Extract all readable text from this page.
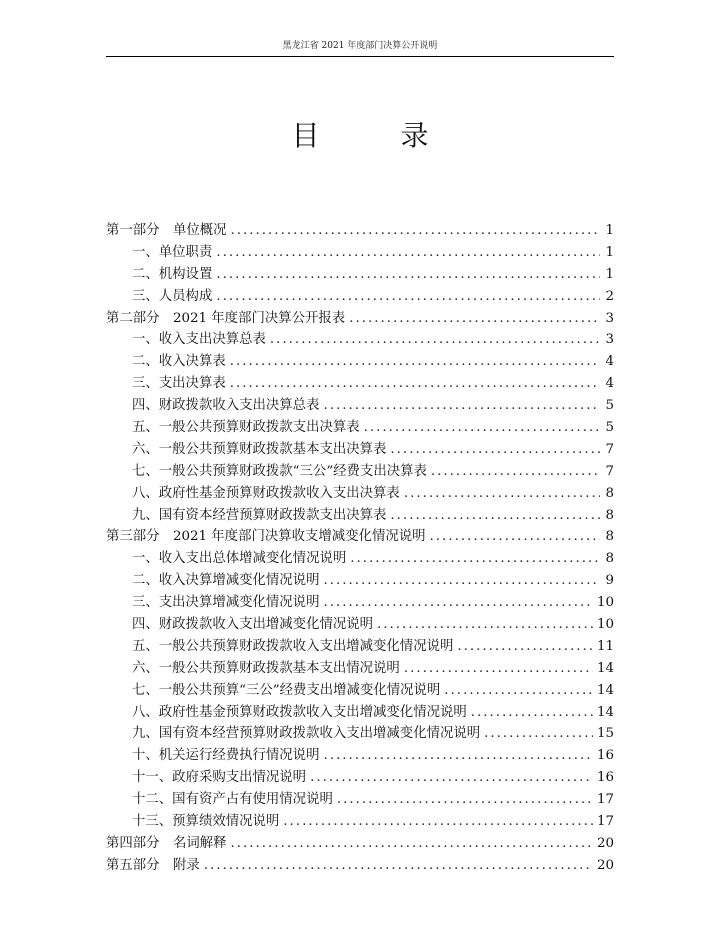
黑龙江省 2021 年度部门决算公开说明
目 录
第一部分　单位概况 .....	1
一、单位职责 .....	1
二、机构设置 .....	1
三、人员构成 .....	2
第二部分　2021 年度部门决算公开报表 .....	3
一、收入支出决算总表 .....	3
二、收入决算表 .....	4
三、支出决算表 .....	4
四、财政拨款收入支出决算总表 .....	5
五、一般公共预算财政拨款支出决算表 .....	5
六、一般公共预算财政拨款基本支出决算表 .....	7
七、一般公共预算财政拨款“三公”经费支出决算表 .....	7
八、政府性基金预算财政拨款收入支出决算表 .....	8
九、国有资本经营预算财政拨款支出决算表 .....	8
第三部分　2021 年度部门决算收支增减变化情况说明 .....	8
一、收入支出总体增减变化情况说明 .....	8
二、收入决算增减变化情况说明 .....	9
三、支出决算增减变化情况说明 .....	10
四、财政拨款收入支出增减变化情况说明 .....	10
五、一般公共预算财政拨款收入支出增减变化情况说明 .....	11
六、一般公共预算财政拨款基本支出情况说明 .....	14
七、一般公共预算“三公”经费支出增减变化情况说明 .....	14
八、政府性基金预算财政拨款收入支出增减变化情况说明 .....	14
九、国有资本经营预算财政拨款收入支出增减变化情况说明 .....	15
十、机关运行经费执行情况说明 .....	16
十一、政府采购支出情况说明 .....	16
十二、国有资产占有使用情况说明 .....	17
十三、预算绩效情况说明 .....	17
第四部分　名词解释 .....	20
第五部分　附录 .....	20
